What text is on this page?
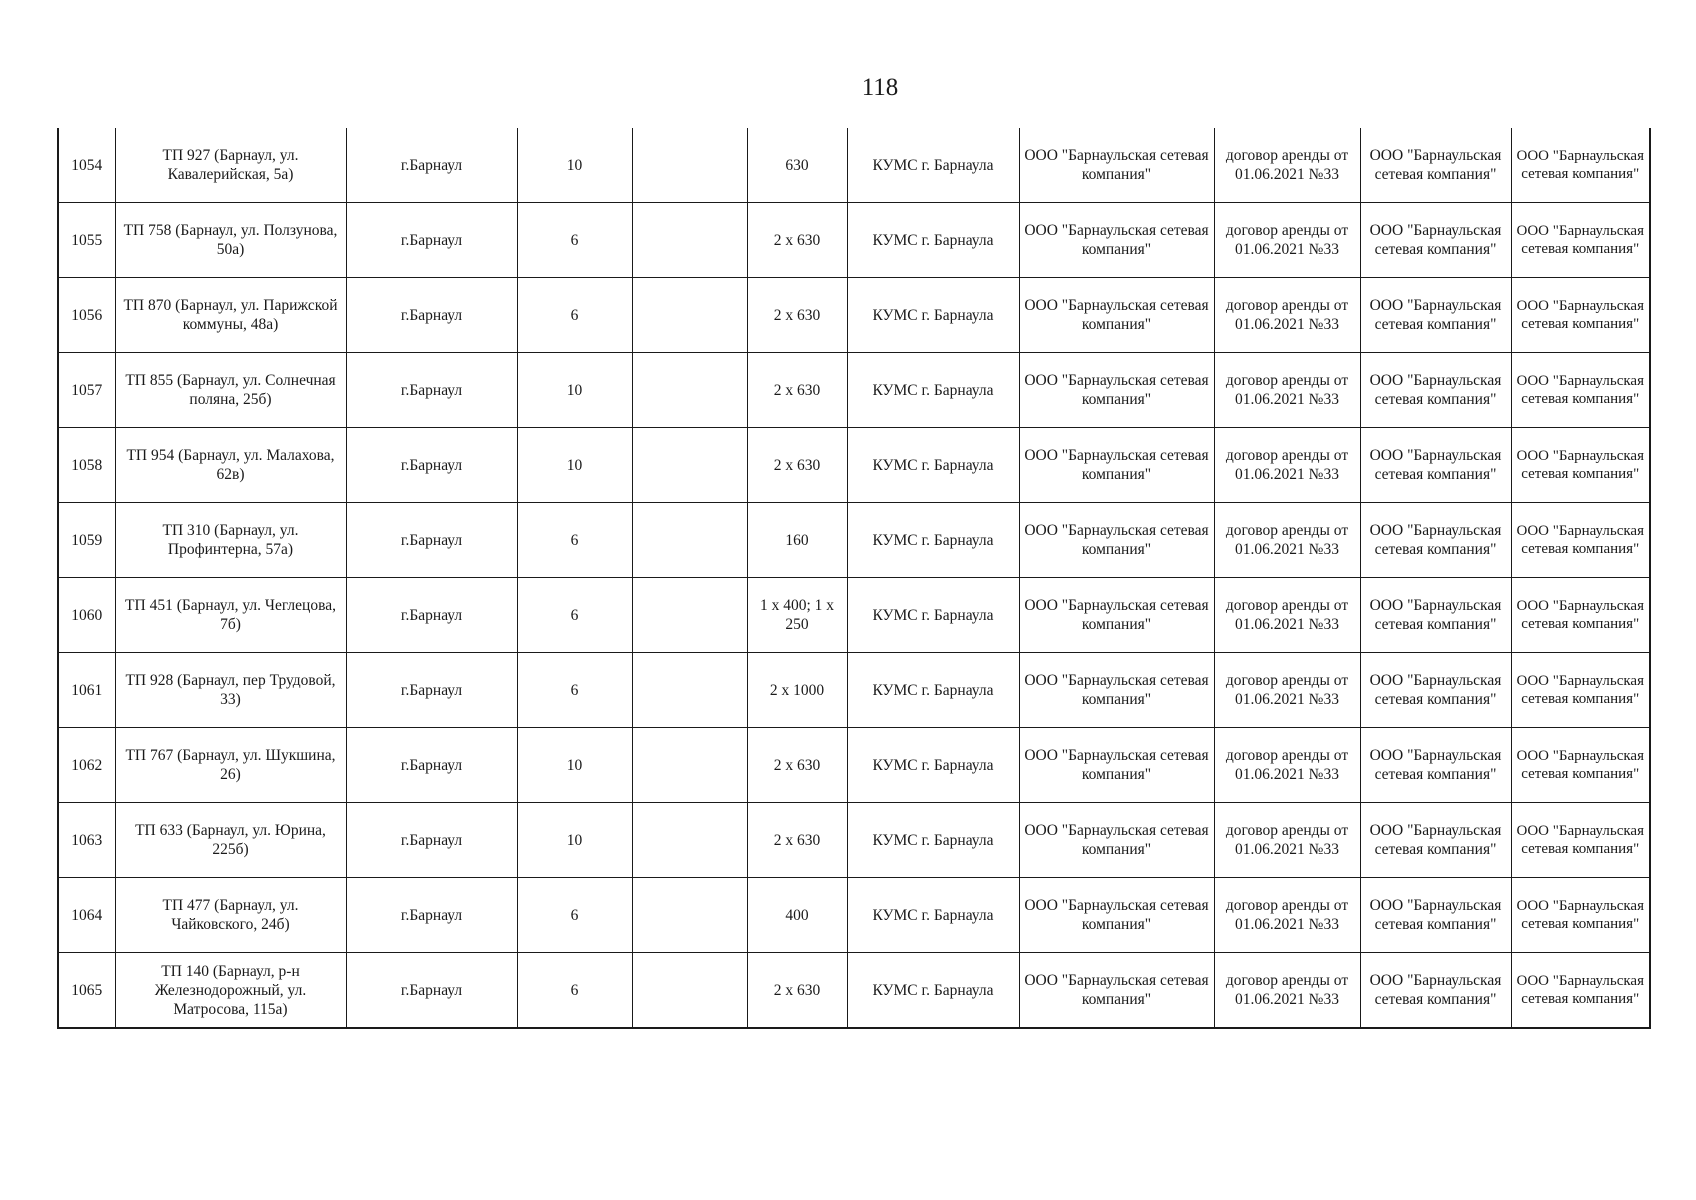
118
1054	ТП 927 (Барнаул, ул. Кавалерийская, 5а)	г.Барнаул	10		630	КУМС г. Барнаула	ООО "Барнаульская сетевая компания"	договор аренды от 01.06.2021 №33	ООО "Барнаульская сетевая компания"	ООО "Барнаульская сетевая компания"
1055	ТП 758 (Барнаул, ул. Ползунова, 50а)	г.Барнаул	6		2 x 630	КУМС г. Барнаула	ООО "Барнаульская сетевая компания"	договор аренды от 01.06.2021 №33	ООО "Барнаульская сетевая компания"	ООО "Барнаульская сетевая компания"
1056	ТП 870 (Барнаул, ул. Парижской коммуны, 48а)	г.Барнаул	6		2 x 630	КУМС г. Барнаула	ООО "Барнаульская сетевая компания"	договор аренды от 01.06.2021 №33	ООО "Барнаульская сетевая компания"	ООО "Барнаульская сетевая компания"
1057	ТП 855 (Барнаул, ул. Солнечная поляна, 25б)	г.Барнаул	10		2 x 630	КУМС г. Барнаула	ООО "Барнаульская сетевая компания"	договор аренды от 01.06.2021 №33	ООО "Барнаульская сетевая компания"	ООО "Барнаульская сетевая компания"
1058	ТП 954 (Барнаул, ул. Малахова, 62в)	г.Барнаул	10		2 x 630	КУМС г. Барнаула	ООО "Барнаульская сетевая компания"	договор аренды от 01.06.2021 №33	ООО "Барнаульская сетевая компания"	ООО "Барнаульская сетевая компания"
1059	ТП 310 (Барнаул, ул. Профинтерна, 57а)	г.Барнаул	6		160	КУМС г. Барнаула	ООО "Барнаульская сетевая компания"	договор аренды от 01.06.2021 №33	ООО "Барнаульская сетевая компания"	ООО "Барнаульская сетевая компания"
1060	ТП 451 (Барнаул, ул. Чеглецова, 7б)	г.Барнаул	6		1 x 400; 1 x 250	КУМС г. Барнаула	ООО "Барнаульская сетевая компания"	договор аренды от 01.06.2021 №33	ООО "Барнаульская сетевая компания"	ООО "Барнаульская сетевая компания"
1061	ТП 928 (Барнаул, пер Трудовой, 33)	г.Барнаул	6		2 x 1000	КУМС г. Барнаула	ООО "Барнаульская сетевая компания"	договор аренды от 01.06.2021 №33	ООО "Барнаульская сетевая компания"	ООО "Барнаульская сетевая компания"
1062	ТП 767 (Барнаул, ул. Шукшина, 26)	г.Барнаул	10		2 x 630	КУМС г. Барнаула	ООО "Барнаульская сетевая компания"	договор аренды от 01.06.2021 №33	ООО "Барнаульская сетевая компания"	ООО "Барнаульская сетевая компания"
1063	ТП 633 (Барнаул, ул. Юрина, 225б)	г.Барнаул	10		2 x 630	КУМС г. Барнаула	ООО "Барнаульская сетевая компания"	договор аренды от 01.06.2021 №33	ООО "Барнаульская сетевая компания"	ООО "Барнаульская сетевая компания"
1064	ТП 477 (Барнаул, ул. Чайковского, 24б)	г.Барнаул	6		400	КУМС г. Барнаула	ООО "Барнаульская сетевая компания"	договор аренды от 01.06.2021 №33	ООО "Барнаульская сетевая компания"	ООО "Барнаульская сетевая компания"
1065	ТП 140 (Барнаул, р-н Железнодорожный, ул. Матросова, 115а)	г.Барнаул	6		2 x 630	КУМС г. Барнаула	ООО "Барнаульская сетевая компания"	договор аренды от 01.06.2021 №33	ООО "Барнаульская сетевая компания"	ООО "Барнаульская сетевая компания"
